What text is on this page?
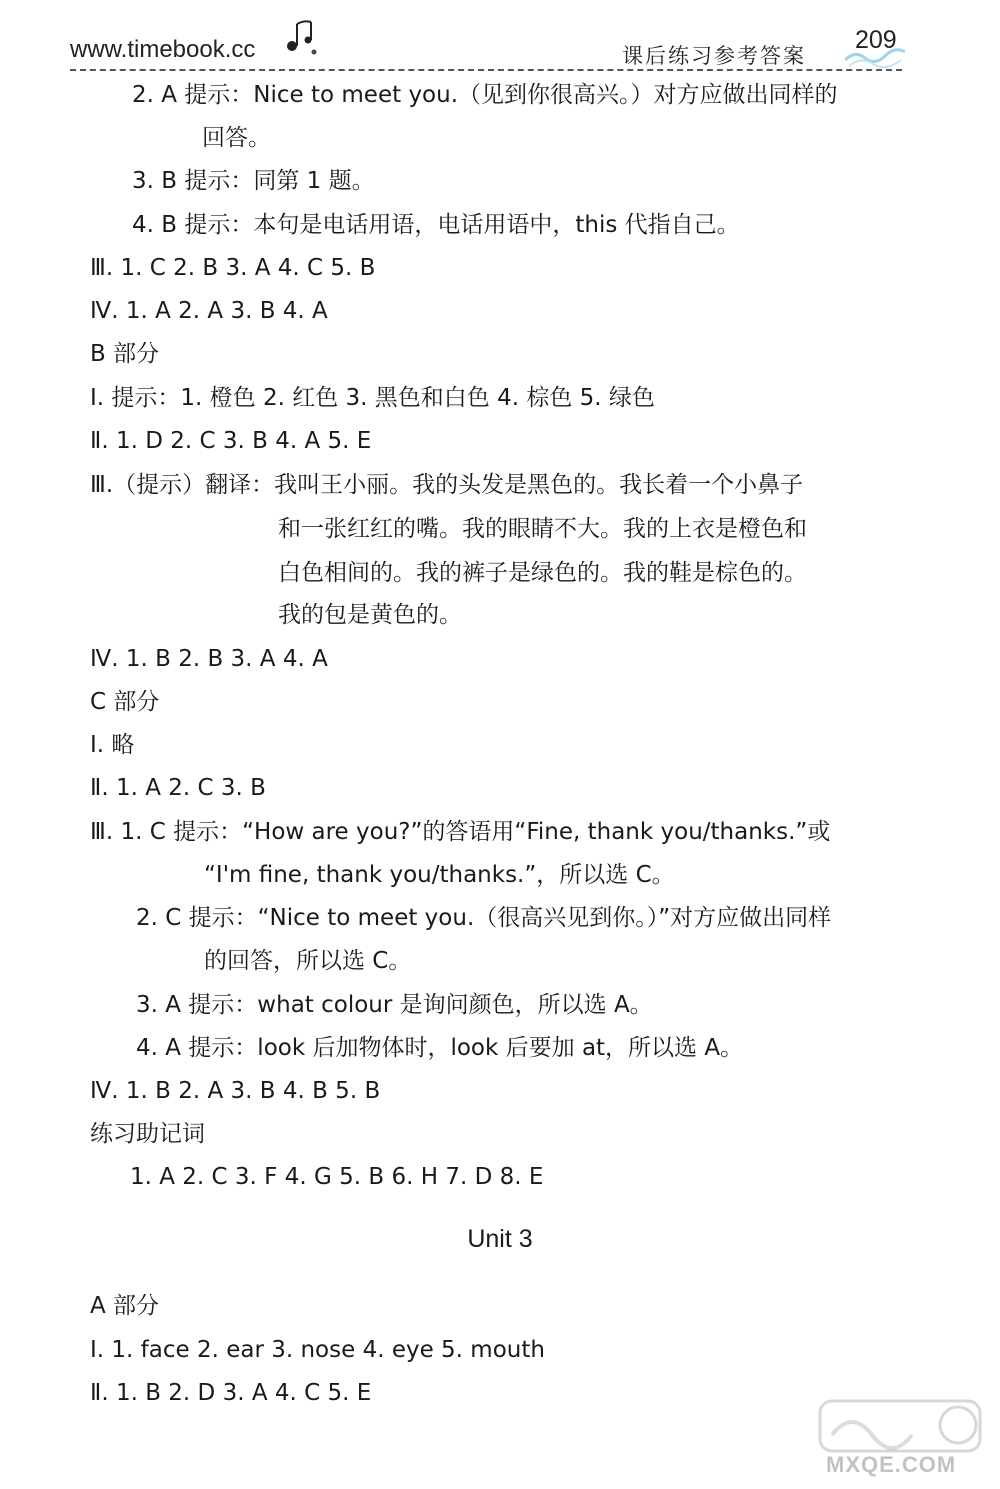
www.timebook.cc	课后练习参考答案
209
2. A 提示：Nice to meet you.（见到你很高兴。）对方应做出同样的
回答。
3. B 提示：同第 1 题。
4. B 提示：本句是电话用语，电话用语中，this 代指自己。
Ⅲ. 1. C 2. B 3. A 4. C 5. B
Ⅳ. 1. A 2. A 3. B 4. A
B 部分
Ⅰ. 提示：1. 橙色 2. 红色 3. 黑色和白色 4. 棕色 5. 绿色
Ⅱ. 1. D 2. C 3. B 4. A 5. E
Ⅲ.（提示）翻译：我叫王小丽。我的头发是黑色的。我长着一个小鼻子
和一张红红的嘴。我的眼睛不大。我的上衣是橙色和
白色相间的。我的裤子是绿色的。我的鞋是棕色的。
我的包是黄色的。
Ⅳ. 1. B 2. B 3. A 4. A
C 部分
Ⅰ. 略
Ⅱ. 1. A 2. C 3. B
Ⅲ. 1. C 提示：“How are you?”的答语用“Fine, thank you/thanks.”或
“I'm fine, thank you/thanks.”，所以选 C。
2. C 提示：“Nice to meet you.（很高兴见到你。）”对方应做出同样
的回答，所以选 C。
3. A 提示：what colour 是询问颜色，所以选 A。
4. A 提示：look 后加物体时，look 后要加 at，所以选 A。
Ⅳ. 1. B 2. A 3. B 4. B 5. B
练习助记词
1. A 2. C 3. F 4. G 5. B 6. H 7. D 8. E
Unit 3
A 部分
Ⅰ. 1. face 2. ear 3. nose 4. eye 5. mouth
Ⅱ. 1. B 2. D 3. A 4. C 5. E
MXQE.COM
